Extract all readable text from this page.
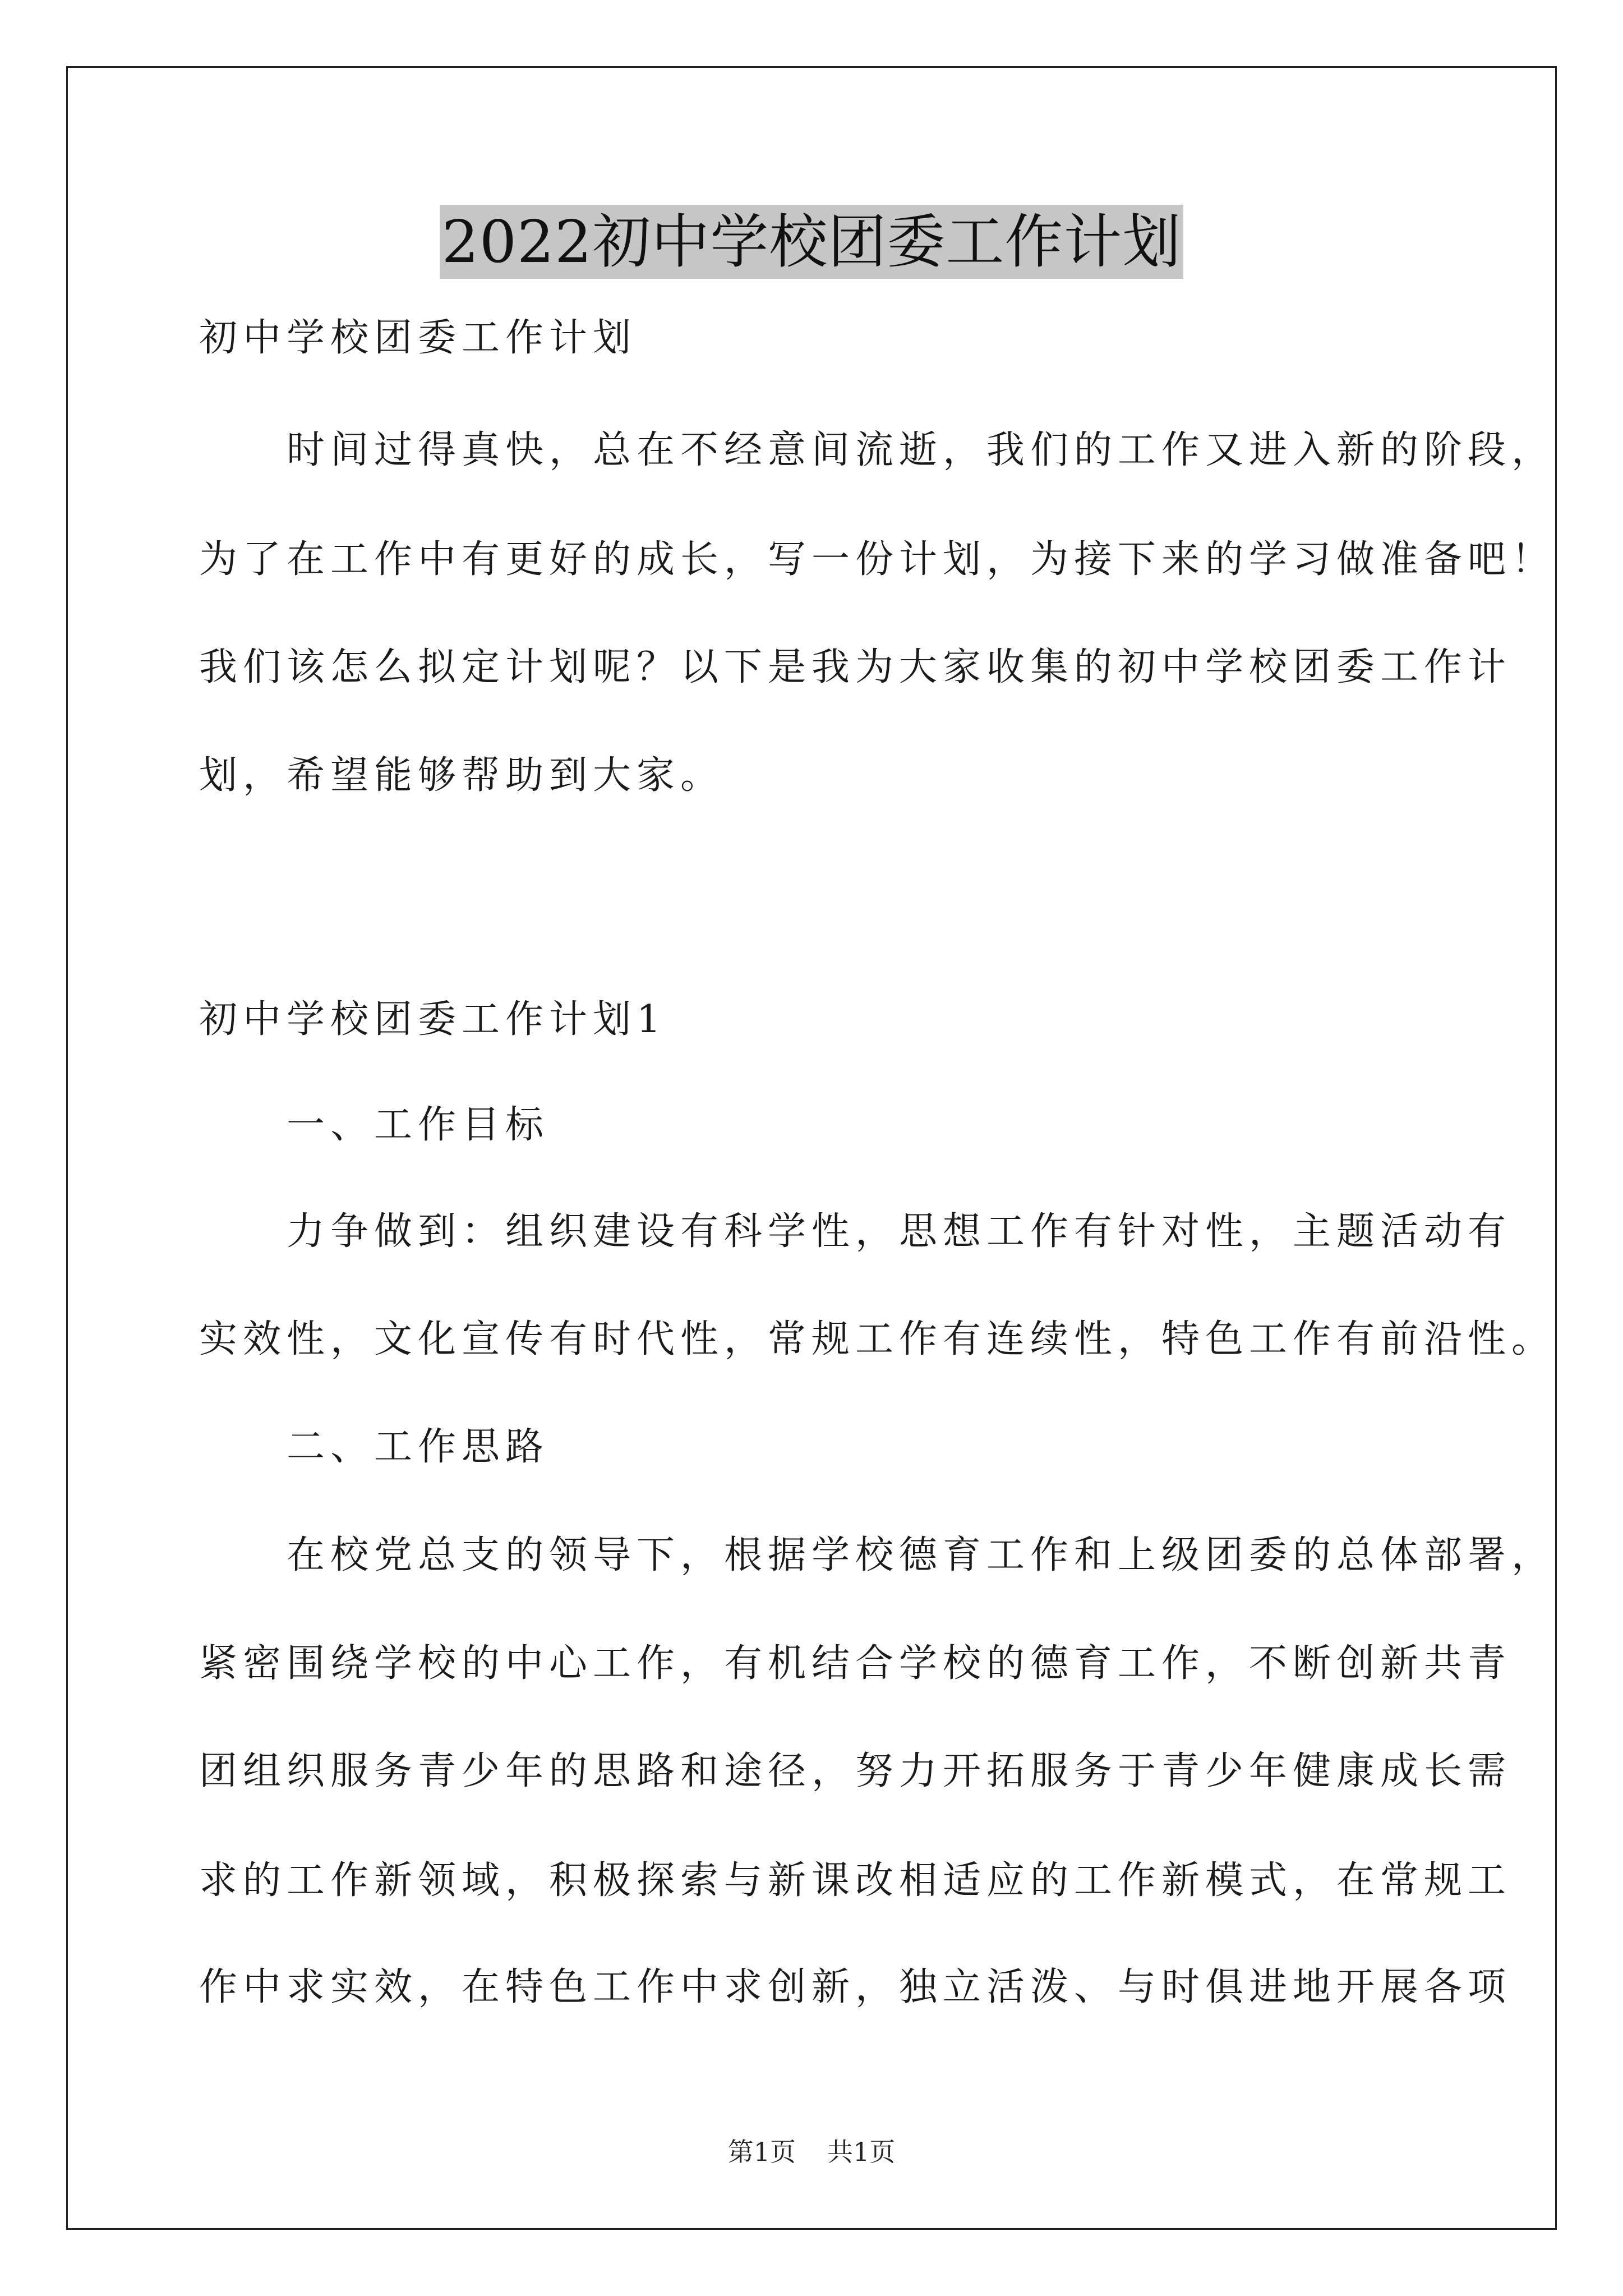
2022初中学校团委工作计划
初中学校团委工作计划
　　时间过得真快，总在不经意间流逝，我们的工作又进入新的阶段，
为了在工作中有更好的成长，写一份计划，为接下来的学习做准备吧！
我们该怎么拟定计划呢？以下是我为大家收集的初中学校团委工作计
划，希望能够帮助到大家。
初中学校团委工作计划1
　　一、工作目标
　　力争做到：组织建设有科学性，思想工作有针对性，主题活动有
实效性，文化宣传有时代性，常规工作有连续性，特色工作有前沿性。
　　二、工作思路
　　在校党总支的领导下，根据学校德育工作和上级团委的总体部署，
紧密围绕学校的中心工作，有机结合学校的德育工作，不断创新共青
团组织服务青少年的思路和途径，努力开拓服务于青少年健康成长需
求的工作新领域，积极探索与新课改相适应的工作新模式，在常规工
作中求实效，在特色工作中求创新，独立活泼、与时俱进地开展各项
第1页 共1页
